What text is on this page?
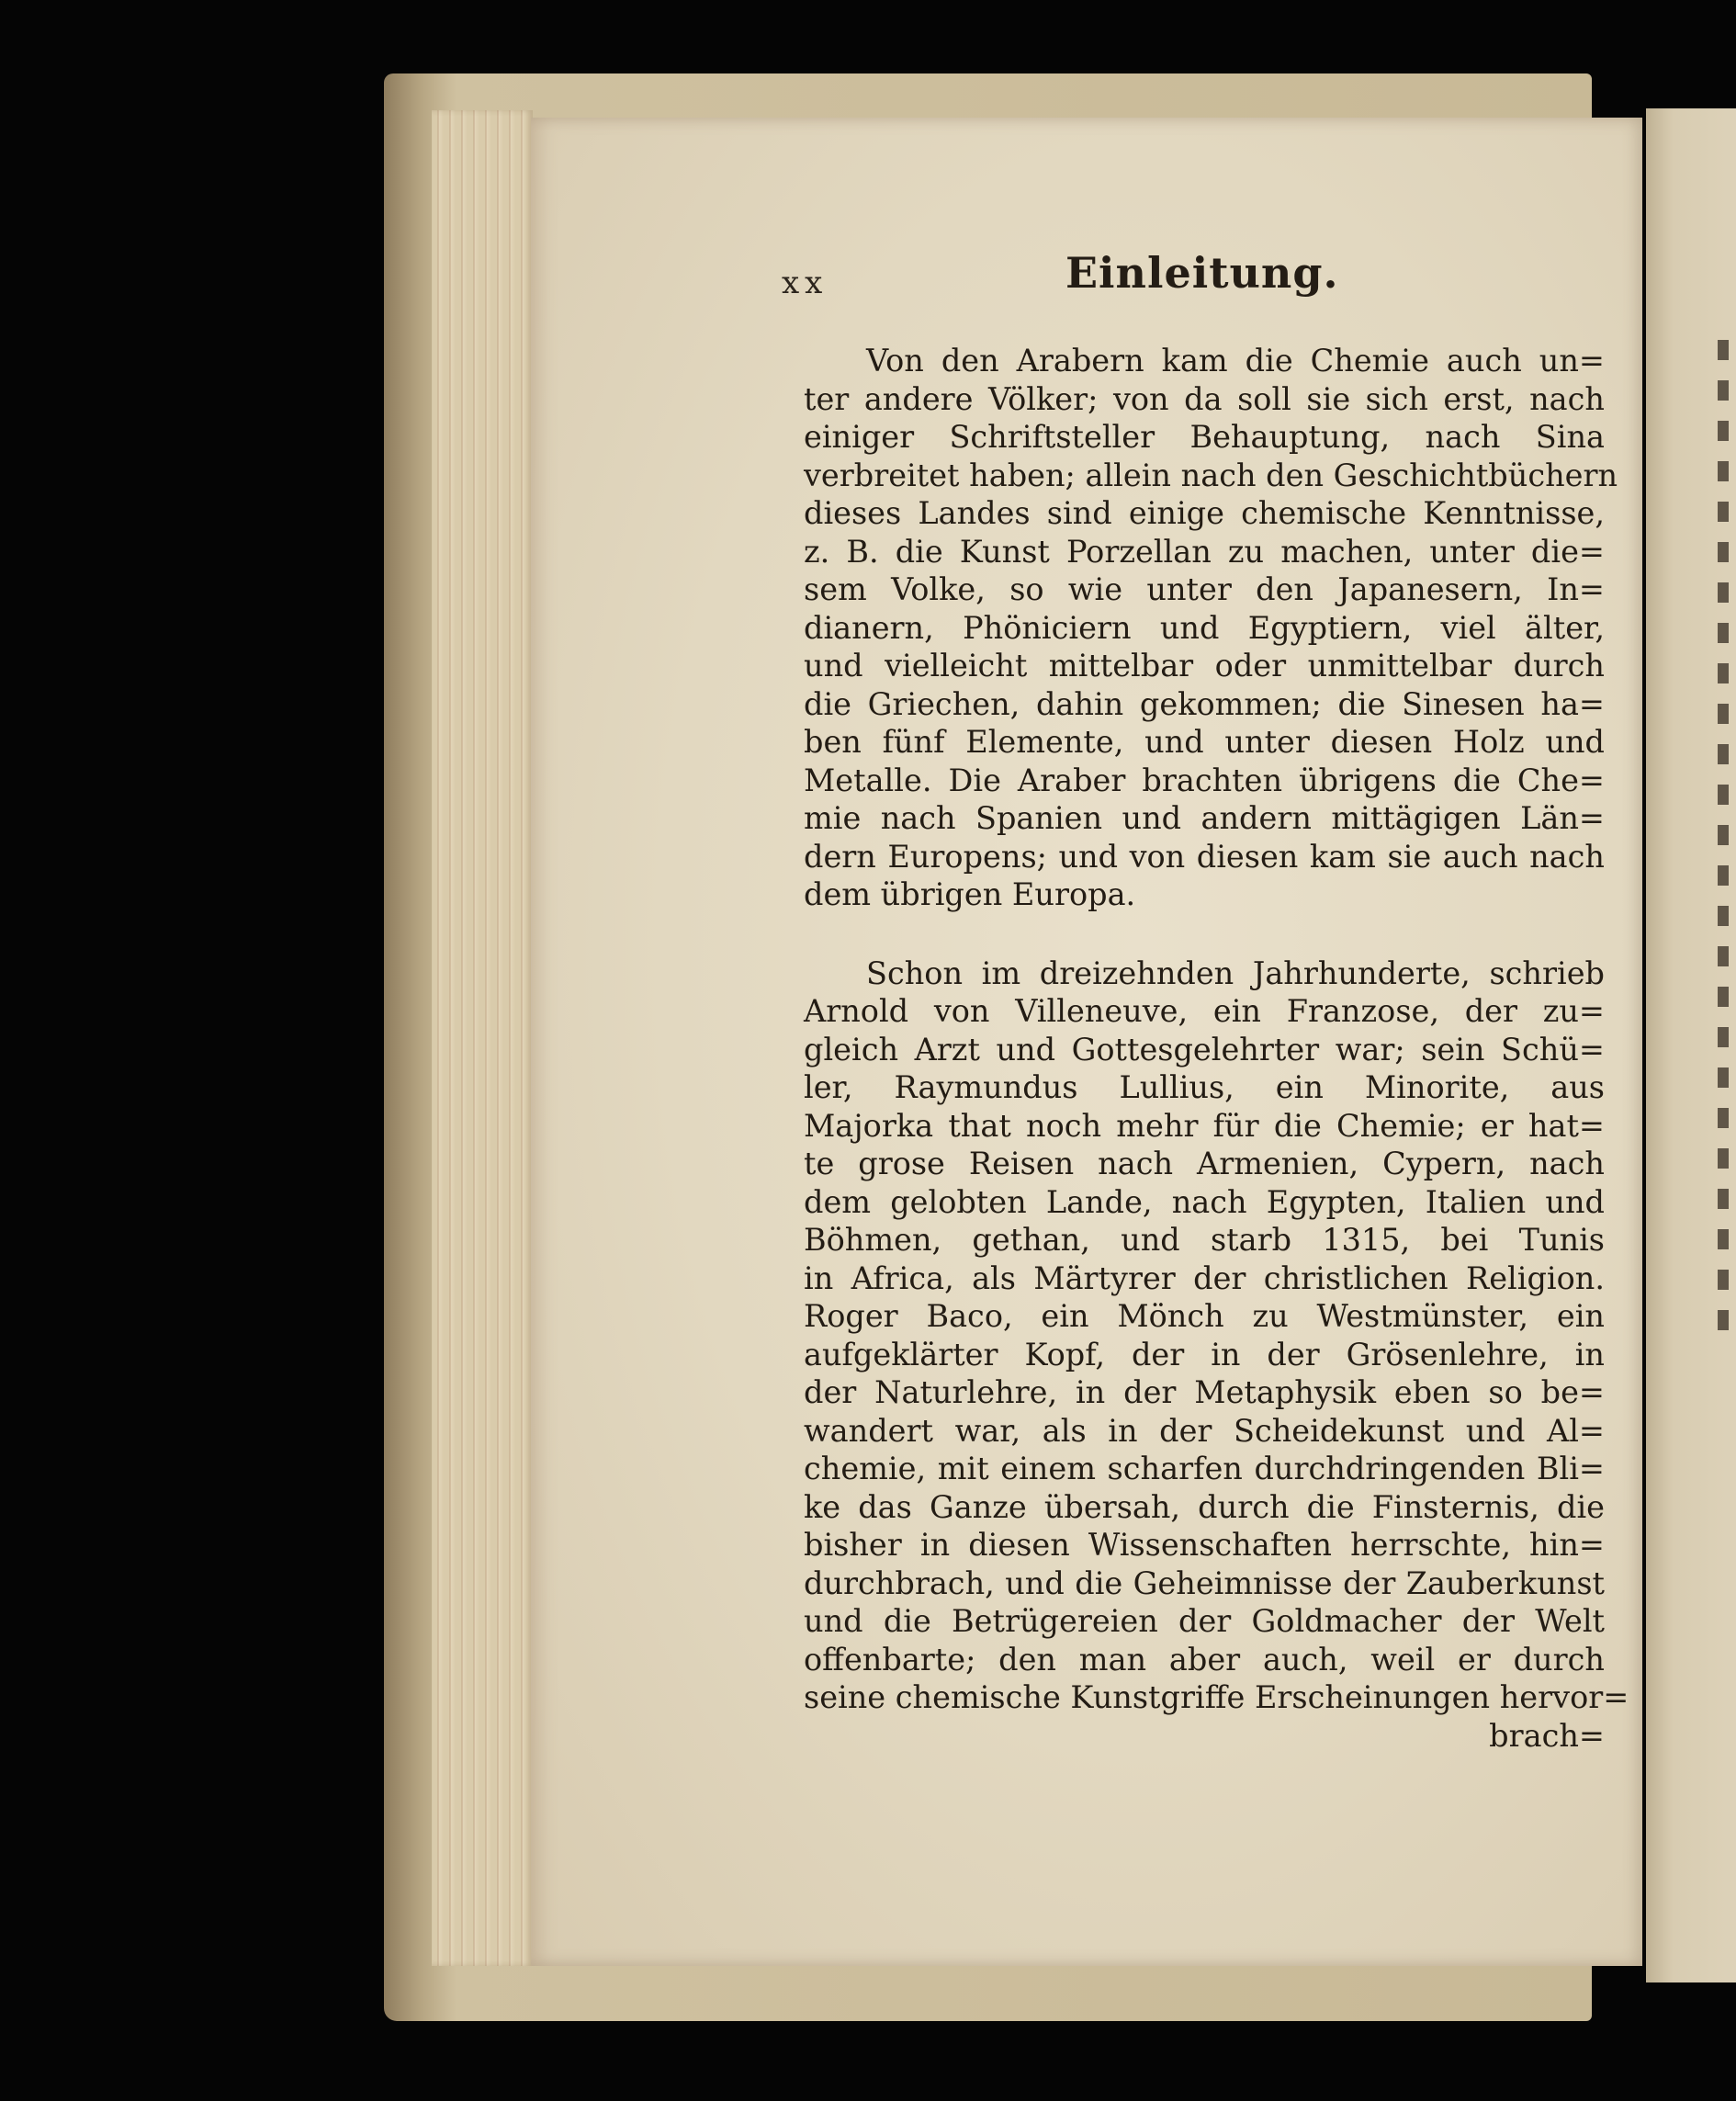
xx	Einleitung.

Von den Arabern kam die Chemie auch un=
ter andere Völker; von da soll sie sich erst, nach
einiger Schriftsteller Behauptung, nach Sina
verbreitet haben; allein nach den Geschichtbüchern
dieses Landes sind einige chemische Kenntnisse,
z. B. die Kunst Porzellan zu machen, unter die=
sem Volke, so wie unter den Japanesern, In=
dianern, Phöniciern und Egyptiern, viel älter,
und vielleicht mittelbar oder unmittelbar durch
die Griechen, dahin gekommen; die Sinesen ha=
ben fünf Elemente, und unter diesen Holz und
Metalle. Die Araber brachten übrigens die Che=
mie nach Spanien und andern mittägigen Län=
dern Europens; und von diesen kam sie auch nach
dem übrigen Europa.

Schon im dreizehnden Jahrhunderte, schrieb
Arnold von Villeneuve, ein Franzose, der zu=
gleich Arzt und Gottesgelehrter war; sein Schü=
ler, Raymundus Lullius, ein Minorite, aus
Majorka that noch mehr für die Chemie; er hat=
te grose Reisen nach Armenien, Cypern, nach
dem gelobten Lande, nach Egypten, Italien und
Böhmen, gethan, und starb 1315, bei Tunis
in Africa, als Märtyrer der christlichen Religion.
Roger Baco, ein Mönch zu Westmünster, ein
aufgeklärter Kopf, der in der Grösenlehre, in
der Naturlehre, in der Metaphysik eben so be=
wandert war, als in der Scheidekunst und Al=
chemie, mit einem scharfen durchdringenden Bli=
ke das Ganze übersah, durch die Finsternis, die
bisher in diesen Wissenschaften herrschte, hin=
durchbrach, und die Geheimnisse der Zauberkunst
und die Betrügereien der Goldmacher der Welt
offenbarte; den man aber auch, weil er durch
seine chemische Kunstgriffe Erscheinungen hervor=
brach=
